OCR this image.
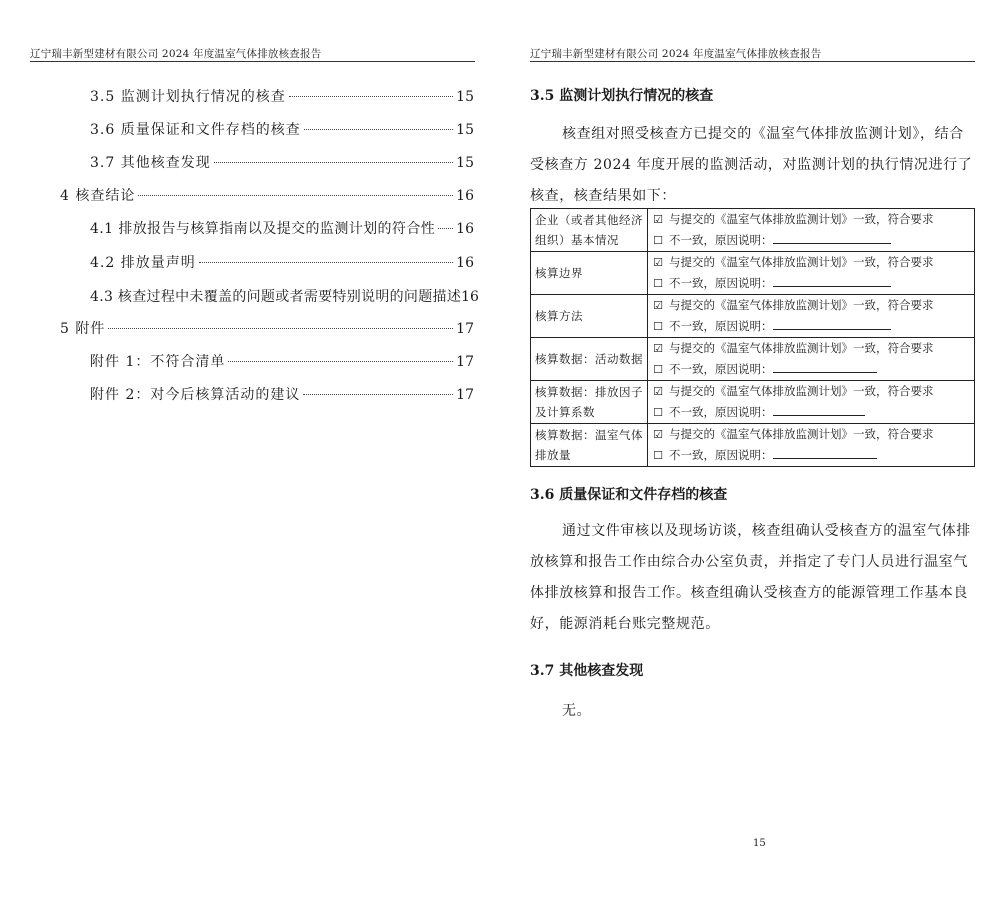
辽宁瑞丰新型建材有限公司 2024 年度温室气体排放核查报告
3.5 监测计划执行情况的核查	15
3.6 质量保证和文件存档的核查	15
3.7 其他核查发现	15
4 核查结论	16
4.1 排放报告与核算指南以及提交的监测计划的符合性 16
4.2 排放量声明	16
4.3 核查过程中未覆盖的问题或者需要特别说明的问题描述 16
5 附件	17
附件 1：不符合清单	17
附件 2：对今后核算活动的建议	17
辽宁瑞丰新型建材有限公司 2024 年度温室气体排放核查报告
3.5 监测计划执行情况的核查
核查组对照受核查方已提交的《温室气体排放监测计划》，结合
受核查方 2024 年度开展的监测活动，对监测计划的执行情况进行了
核查，核查结果如下：
企业（或者其他经济组织）基本情况	☑ 与提交的《温室气体排放监测计划》一致，符合要求
☐ 不一致，原因说明：

核算边界	☑ 与提交的《温室气体排放监测计划》一致，符合要求
☐ 不一致，原因说明：

核算方法	☑ 与提交的《温室气体排放监测计划》一致，符合要求
☐ 不一致，原因说明：

核算数据：活动数据	☑ 与提交的《温室气体排放监测计划》一致，符合要求
☐ 不一致，原因说明：

核算数据：排放因子及计算系数	☑ 与提交的《温室气体排放监测计划》一致，符合要求
☐ 不一致，原因说明：

核算数据：温室气体排放量	☑ 与提交的《温室气体排放监测计划》一致，符合要求
☐ 不一致，原因说明：
3.6 质量保证和文件存档的核查
通过文件审核以及现场访谈，核查组确认受核查方的温室气体排
放核算和报告工作由综合办公室负责，并指定了专门人员进行温室气
体排放核算和报告工作。核查组确认受核查方的能源管理工作基本良
好，能源消耗台账完整规范。
3.7 其他核查发现
无。
15
